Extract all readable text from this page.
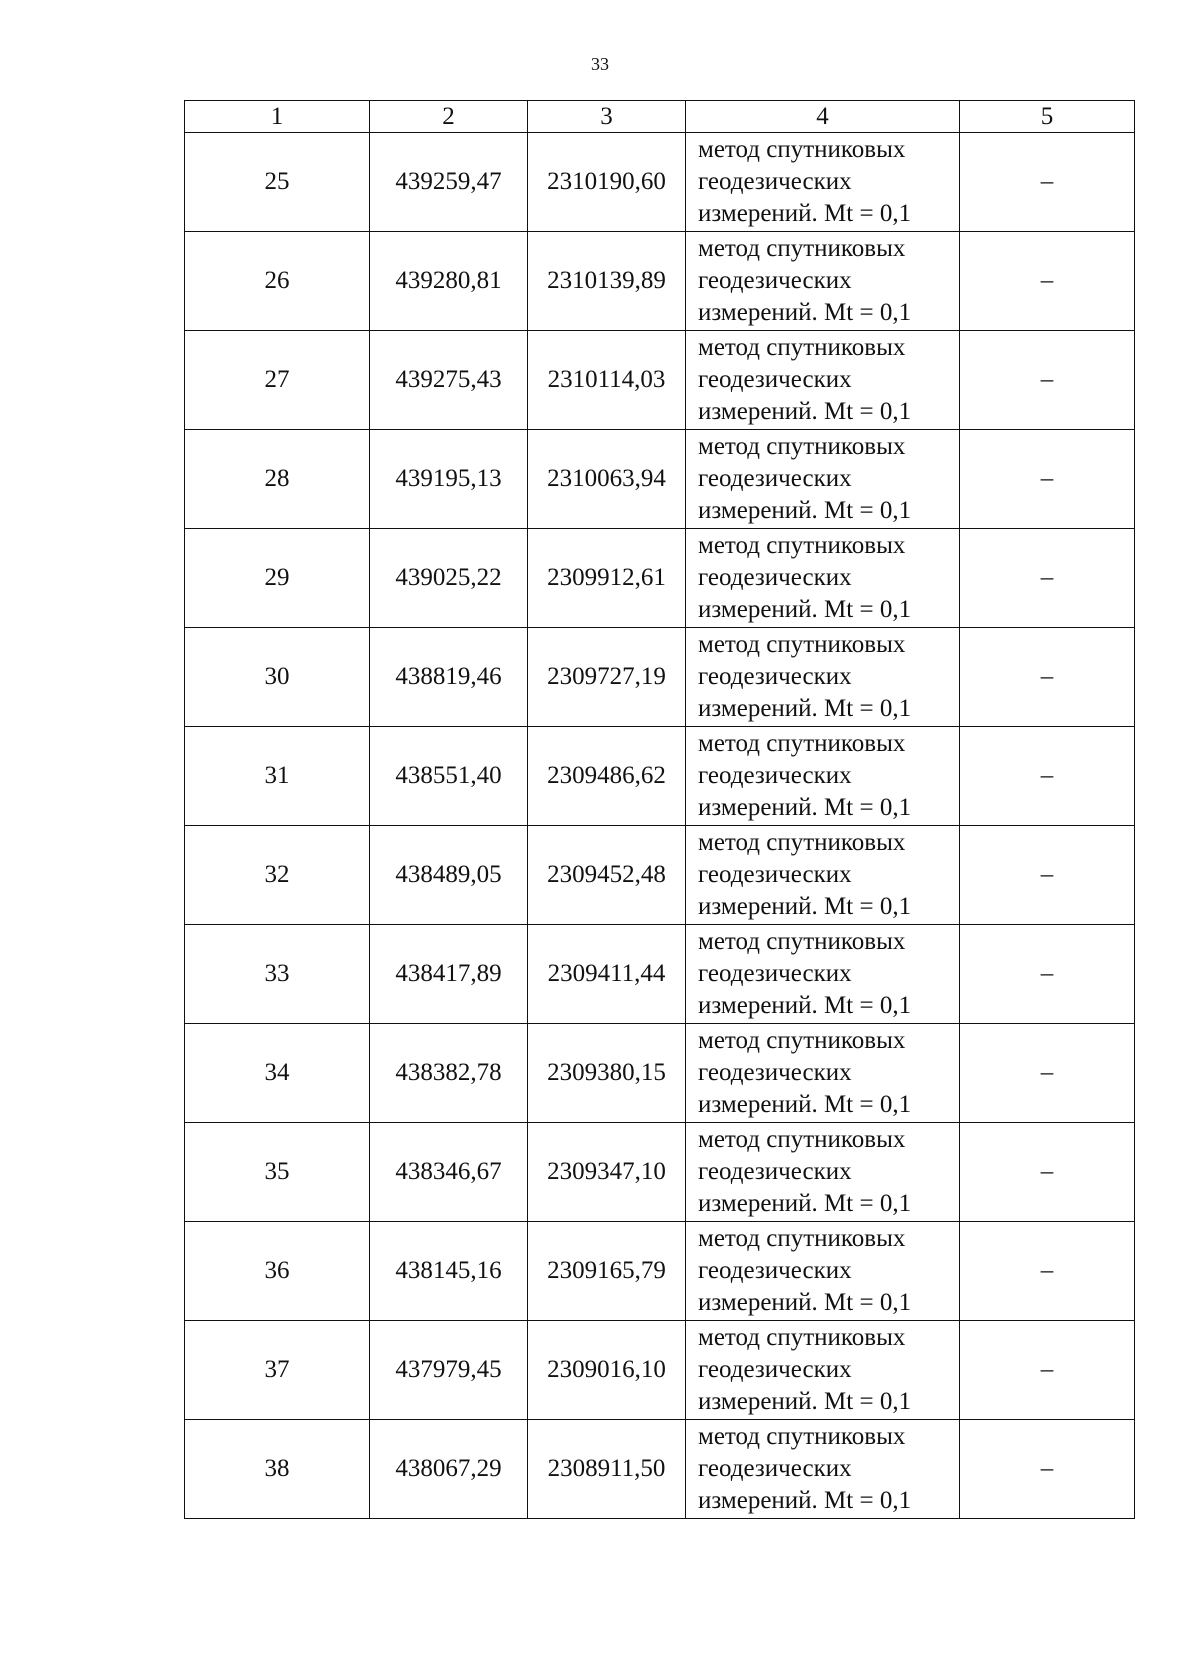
33
1	2	3	4	5
25	439259,47	2310190,60	метод спутниковых
геодезических
измерений. Mt = 0,1	–
26	439280,81	2310139,89	метод спутниковых
геодезических
измерений. Mt = 0,1	–
27	439275,43	2310114,03	метод спутниковых
геодезических
измерений. Mt = 0,1	–
28	439195,13	2310063,94	метод спутниковых
геодезических
измерений. Mt = 0,1	–
29	439025,22	2309912,61	метод спутниковых
геодезических
измерений. Mt = 0,1	–
30	438819,46	2309727,19	метод спутниковых
геодезических
измерений. Mt = 0,1	–
31	438551,40	2309486,62	метод спутниковых
геодезических
измерений. Mt = 0,1	–
32	438489,05	2309452,48	метод спутниковых
геодезических
измерений. Mt = 0,1	–
33	438417,89	2309411,44	метод спутниковых
геодезических
измерений. Mt = 0,1	–
34	438382,78	2309380,15	метод спутниковых
геодезических
измерений. Mt = 0,1	–
35	438346,67	2309347,10	метод спутниковых
геодезических
измерений. Mt = 0,1	–
36	438145,16	2309165,79	метод спутниковых
геодезических
измерений. Mt = 0,1	–
37	437979,45	2309016,10	метод спутниковых
геодезических
измерений. Mt = 0,1	–
38	438067,29	2308911,50	метод спутниковых
геодезических
измерений. Mt = 0,1	–
